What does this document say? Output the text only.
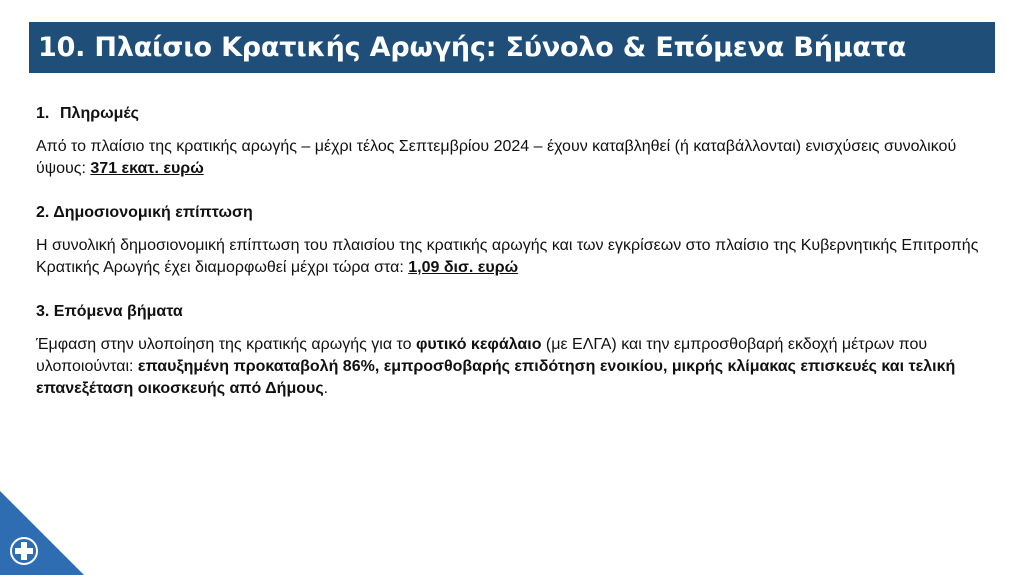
10. Πλαίσιο Κρατικής Αρωγής: Σύνολο & Επόμενα Βήματα

1. Πληρωμές

Από το πλαίσιο της κρατικής αρωγής – μέχρι τέλος Σεπτεμβρίου 2024 – έχουν καταβληθεί (ή καταβάλλονται) ενισχύσεις συνολικού ύψους: 371 εκατ. ευρώ

2. Δημοσιονομική επίπτωση

Η συνολική δημοσιονομική επίπτωση του πλαισίου της κρατικής αρωγής και των εγκρίσεων στο πλαίσιο της Κυβερνητικής Επιτροπής Κρατικής Αρωγής έχει διαμορφωθεί μέχρι τώρα στα: 1,09 δισ. ευρώ

3. Επόμενα βήματα

Έμφαση στην υλοποίηση της κρατικής αρωγής για το φυτικό κεφάλαιο (με ΕΛΓΑ) και την εμπροσθοβαρή εκδοχή μέτρων που υλοποιούνται: επαυξημένη προκαταβολή 86%, εμπροσθοβαρής επιδότηση ενοικίου, μικρής κλίμακας επισκευές και τελική επανεξέταση οικοσκευής από Δήμους.
